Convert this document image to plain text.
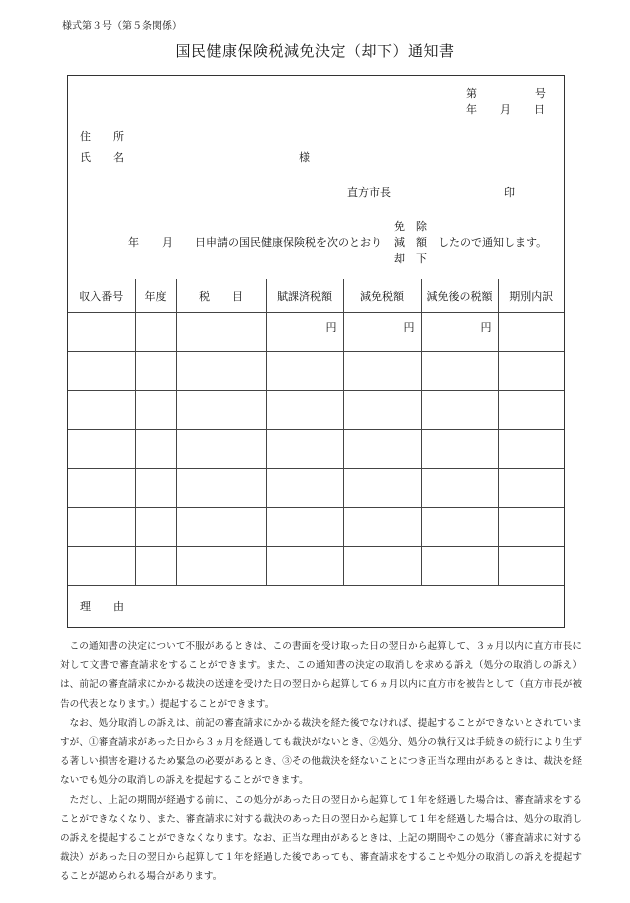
様式第３号（第５条関係）
国民健康保険税減免決定（却下）通知書
第	号
年 月 日
住　　所
氏　　名	様
直方市長	印
年 月 日申請の国民健康保険税を次のとおり
免　除
減　額
却　下
したので通知します。
収入番号	年度	税　　目	賦課済税額	減免税額	減免後の税額	期別内訳
			円	円	円	

理　　由

この通知書の決定について不服があるときは、この書面を受け取った日の翌日から起算して、３ヵ月以内に直方市長に対して文書で審査請求をすることができます。また、この通知書の決定の取消しを求める訴え（処分の取消しの訴え）は、前記の審査請求にかかる裁決の送達を受けた日の翌日から起算して６ヵ月以内に直方市を被告として（直方市長が被告の代表となります。）提起することができます。

なお、処分取消しの訴えは、前記の審査請求にかかる裁決を経た後でなければ、提起することができないとされていますが、①審査請求があった日から３ヵ月を経過しても裁決がないとき、②処分、処分の執行又は手続きの続行により生ずる著しい損害を避けるため緊急の必要があるとき、③その他裁決を経ないことにつき正当な理由があるときは、裁決を経ないでも処分の取消しの訴えを提起することができます。

ただし、上記の期間が経過する前に、この処分があった日の翌日から起算して１年を経過した場合は、審査請求をすることができなくなり、また、審査請求に対する裁決のあった日の翌日から起算して１年を経過した場合は、処分の取消しの訴えを提起することができなくなります。なお、正当な理由があるときは、上記の期間やこの処分（審査請求に対する裁決）があった日の翌日から起算して１年を経過した後であっても、審査請求をすることや処分の取消しの訴えを提起することが認められる場合があります。
